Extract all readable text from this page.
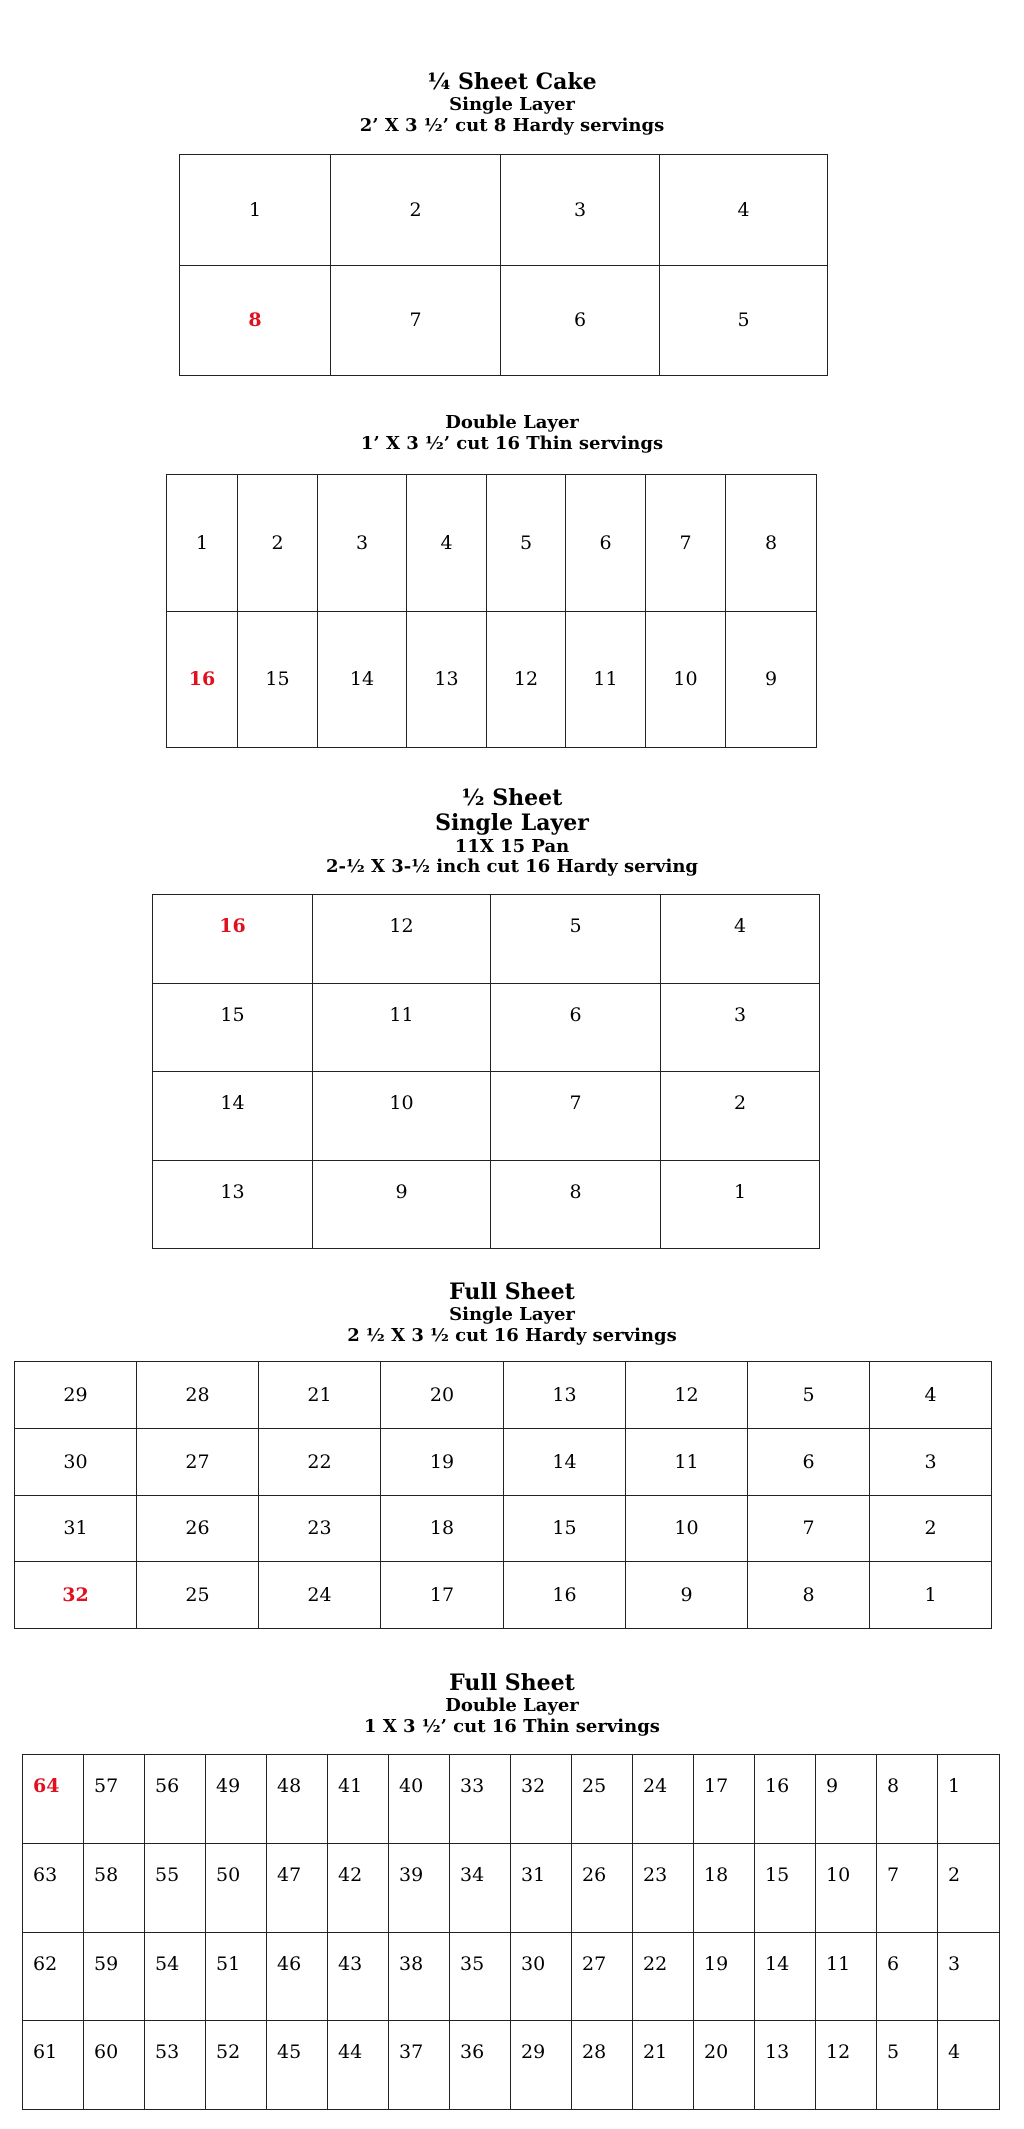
¼ Sheet Cake
Single Layer
2’ X 3 ½’ cut 8 Hardy servings
1	2	3	4
8	7	6	5
Double Layer
1’ X 3 ½’ cut 16 Thin servings
1	2	3	4	5	6	7	8
16	15	14	13	12	11	10	9
½ Sheet
Single Layer
11X 15 Pan
2-½ X 3-½ inch cut 16 Hardy serving
16	12	5	4
15	11	6	3
14	10	7	2
13	9	8	1
Full Sheet
Single Layer
2 ½ X 3 ½ cut 16 Hardy servings
29	28	21	20	13	12	5	4
30	27	22	19	14	11	6	3
31	26	23	18	15	10	7	2
32	25	24	17	16	9	8	1
Full Sheet
Double Layer
1 X 3 ½’ cut 16 Thin servings
64	57	56	49	48	41	40	33	32	25	24	17	16	9	8	1
63	58	55	50	47	42	39	34	31	26	23	18	15	10	7	2
62	59	54	51	46	43	38	35	30	27	22	19	14	11	6	3
61	60	53	52	45	44	37	36	29	28	21	20	13	12	5	4
